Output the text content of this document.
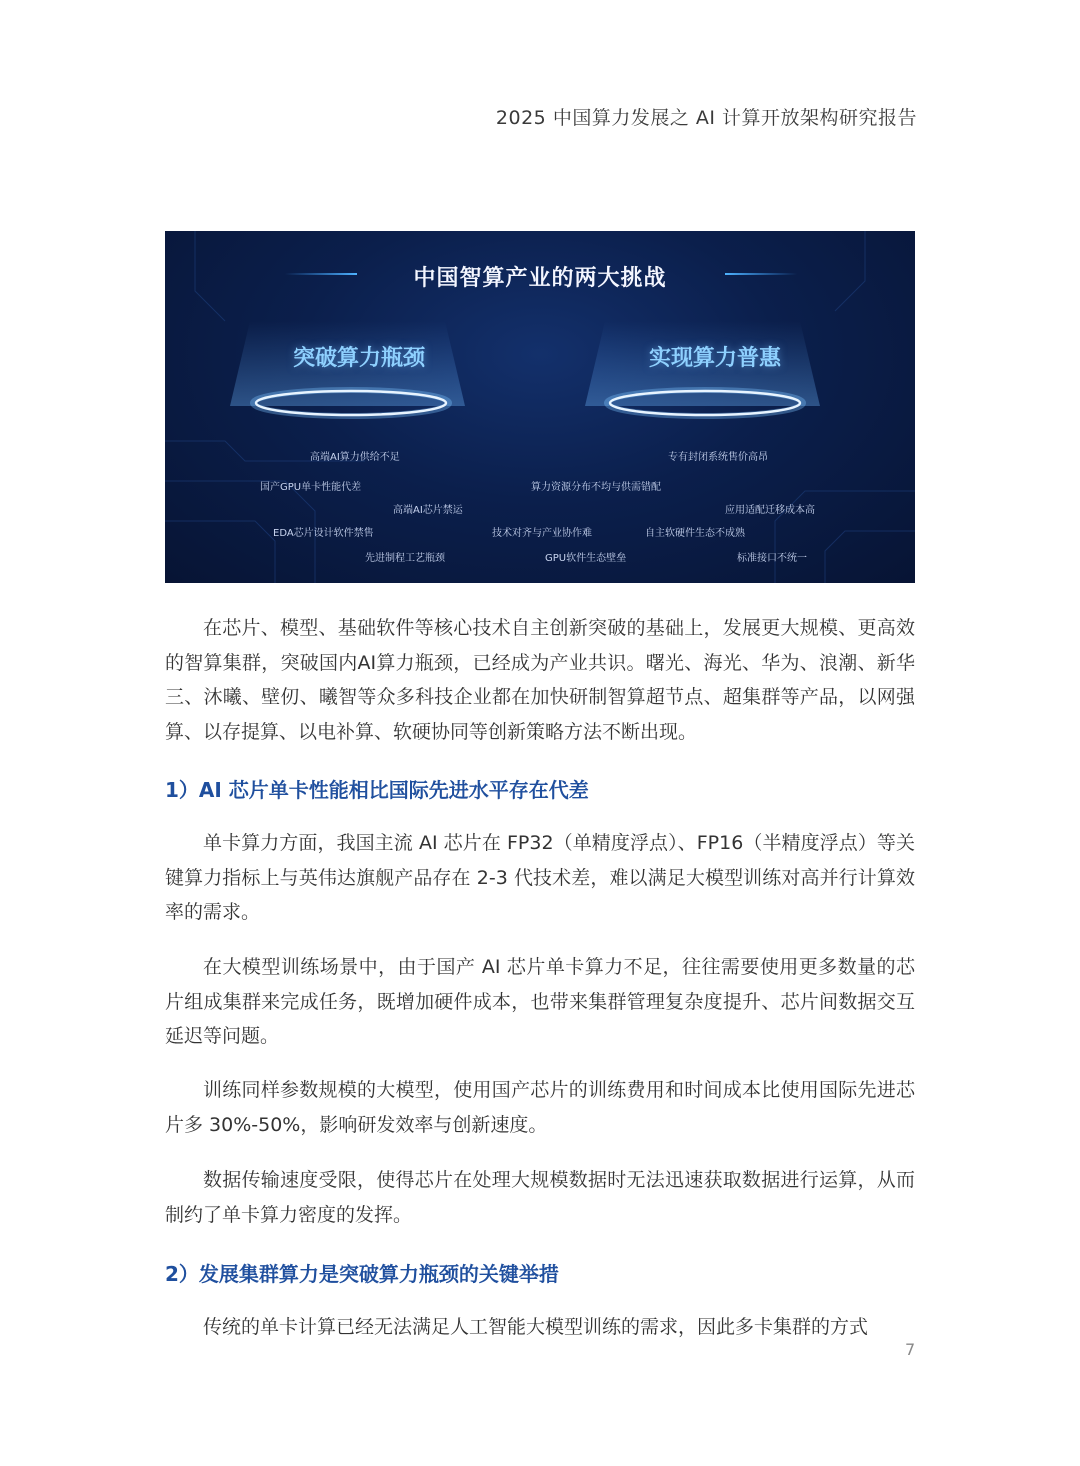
2025 中国算力发展之 AI 计算开放架构研究报告
中国智算产业的两大挑战
突破算力瓶颈	实现算力普惠
高端AI算力供给不足
国产GPU单卡性能代差
高端AI芯片禁运
EDA芯片设计软件禁售
先进制程工艺瓶颈
专有封闭系统售价高昂
算力资源分布不均与供需错配
应用适配迁移成本高
技术对齐与产业协作难	自主软硬件生态不成熟
GPU软件生态壁垒	标准接口不统一

在芯片、模型、基础软件等核心技术自主创新突破的基础上，发展更大规模、更高效的智算集群，突破国内AI算力瓶颈，已经成为产业共识。曙光、海光、华为、浪潮、新华三、沐曦、壁仞、曦智等众多科技企业都在加快研制智算超节点、超集群等产品，以网强算、以存提算、以电补算、软硬协同等创新策略方法不断出现。

1）AI 芯片单卡性能相比国际先进水平存在代差

单卡算力方面，我国主流 AI 芯片在 FP32（单精度浮点）、FP16（半精度浮点）等关键算力指标上与英伟达旗舰产品存在 2-3 代技术差，难以满足大模型训练对高并行计算效率的需求。

在大模型训练场景中，由于国产 AI 芯片单卡算力不足，往往需要使用更多数量的芯片组成集群来完成任务，既增加硬件成本，也带来集群管理复杂度提升、芯片间数据交互延迟等问题。

训练同样参数规模的大模型，使用国产芯片的训练费用和时间成本比使用国际先进芯片多 30%-50%，影响研发效率与创新速度。

数据传输速度受限，使得芯片在处理大规模数据时无法迅速获取数据进行运算，从而制约了单卡算力密度的发挥。

2）发展集群算力是突破算力瓶颈的关键举措

传统的单卡计算已经无法满足人工智能大模型训练的需求，因此多卡集群的方式

7
